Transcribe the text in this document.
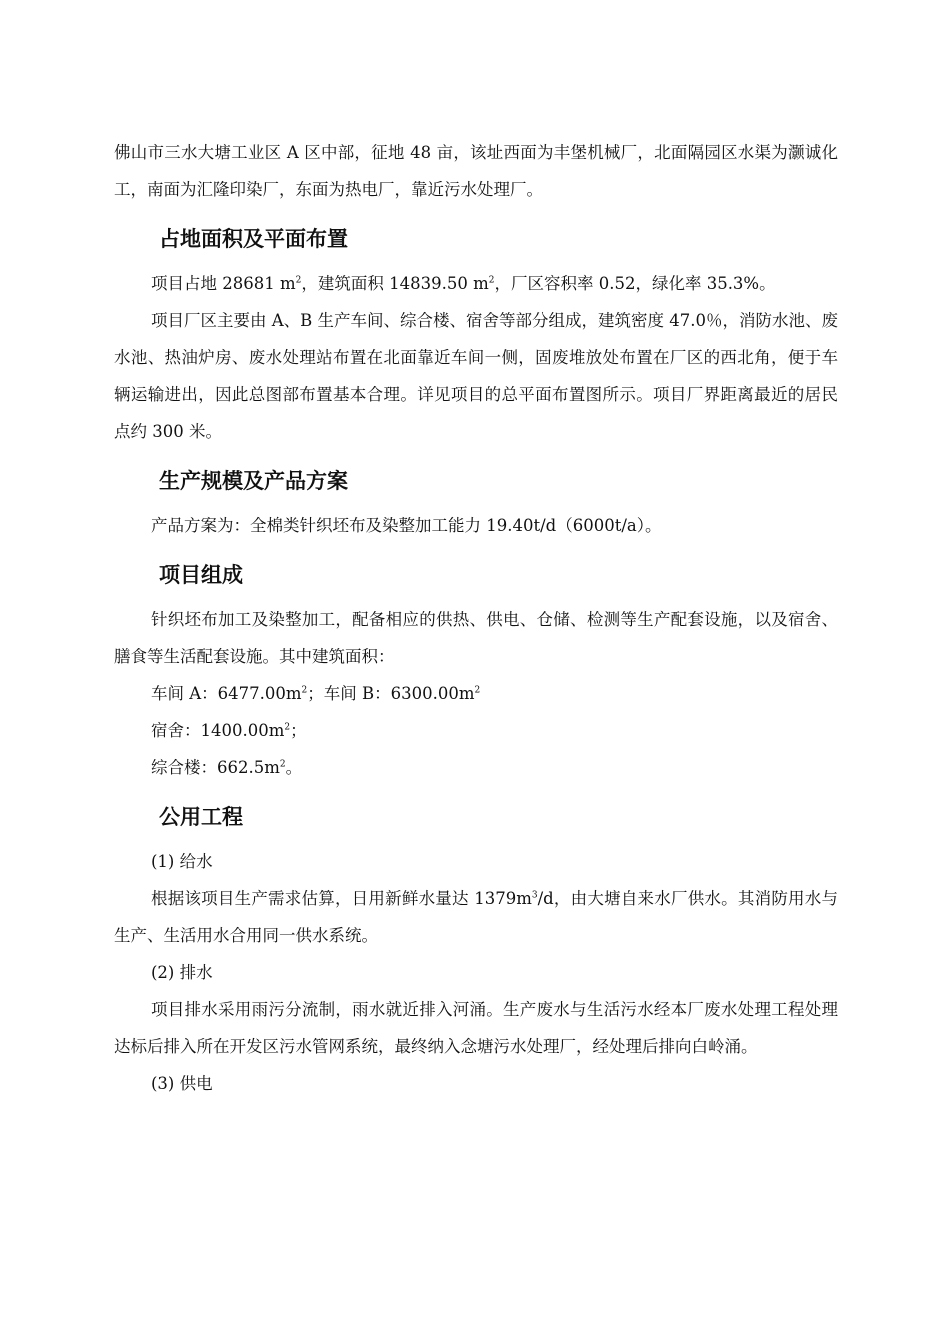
佛山市三水大塘工业区 A 区中部，征地 48 亩，该址西面为丰堡机械厂，北面隔园区水渠为灏诚化工，南面为汇隆印染厂，东面为热电厂，靠近污水处理厂。

占地面积及平面布置

项目占地 28681 $m^2$，建筑面积 14839.50 $m^2$，厂区容积率 0.52，绿化率 35.3%。

项目厂区主要由 A、B 生产车间、综合楼、宿舍等部分组成，建筑密度 47.0％，消防水池、废水池、热油炉房、废水处理站布置在北面靠近车间一侧，固废堆放处布置在厂区的西北角，便于车辆运输进出，因此总图部布置基本合理。详见项目的总平面布置图所示。项目厂界距离最近的居民点约 300 米。

生产规模及产品方案

产品方案为：全棉类针织坯布及染整加工能力 19.40t/d（6000t/a）。

项目组成

针织坯布加工及染整加工，配备相应的供热、供电、仓储、检测等生产配套设施，以及宿舍、膳食等生活配套设施。其中建筑面积：

车间 A：$6477.00m^2$；车间 B：$6300.00m^2$

宿舍：$1400.00m^2$；

综合楼：$662.5m^2$。

公用工程

(1) 给水

根据该项目生产需求估算，日用新鲜水量达 $1379m^3/d$，由大塘自来水厂供水。其消防用水与生产、生活用水合用同一供水系统。

(2) 排水

项目排水采用雨污分流制，雨水就近排入河涌。生产废水与生活污水经本厂废水处理工程处理达标后排入所在开发区污水管网系统，最终纳入念塘污水处理厂，经处理后排向白岭涌。

(3) 供电
